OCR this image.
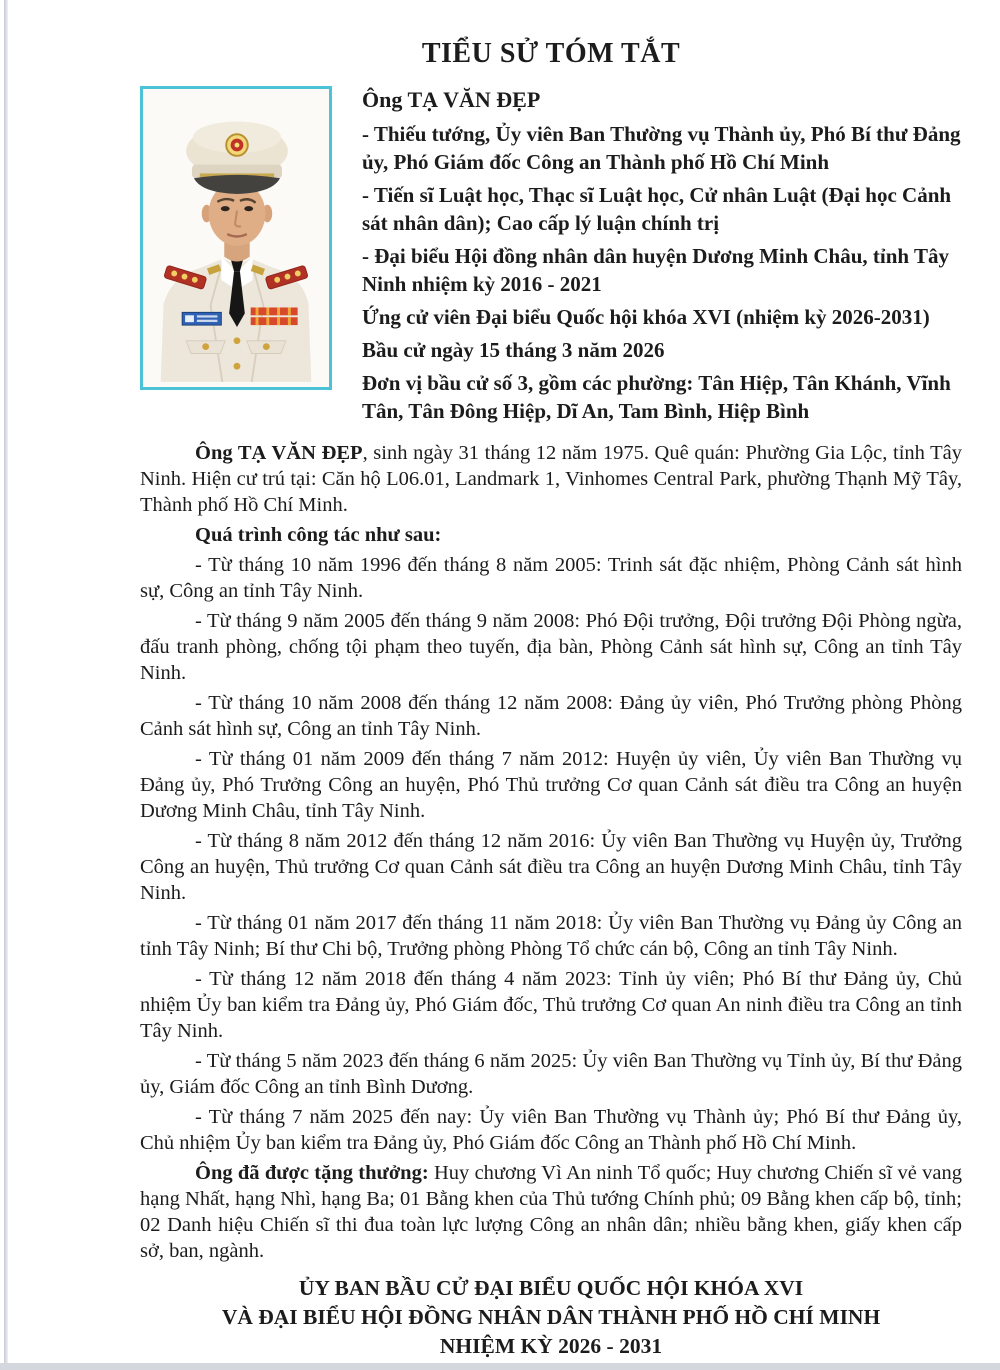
TIỂU SỬ TÓM TẮT

Ông TẠ VĂN ĐẸP

- Thiếu tướng, Ủy viên Ban Thường vụ Thành ủy, Phó Bí thư Đảng ủy, Phó Giám đốc Công an Thành phố Hồ Chí Minh

- Tiến sĩ Luật học, Thạc sĩ Luật học, Cử nhân Luật (Đại học Cảnh sát nhân dân); Cao cấp lý luận chính trị

- Đại biểu Hội đồng nhân dân huyện Dương Minh Châu, tỉnh Tây Ninh nhiệm kỳ 2016 - 2021

Ứng cử viên Đại biểu Quốc hội khóa XVI (nhiệm kỳ 2026-2031)

Bầu cử ngày 15 tháng 3 năm 2026

Đơn vị bầu cử số 3, gồm các phường: Tân Hiệp, Tân Khánh, Vĩnh Tân, Tân Đông Hiệp, Dĩ An, Tam Bình, Hiệp Bình

Ông TẠ VĂN ĐẸP, sinh ngày 31 tháng 12 năm 1975. Quê quán: Phường Gia Lộc, tỉnh Tây Ninh. Hiện cư trú tại: Căn hộ L06.01, Landmark 1, Vinhomes Central Park, phường Thạnh Mỹ Tây, Thành phố Hồ Chí Minh.

Quá trình công tác như sau:

- Từ tháng 10 năm 1996 đến tháng 8 năm 2005: Trinh sát đặc nhiệm, Phòng Cảnh sát hình sự, Công an tỉnh Tây Ninh.

- Từ tháng 9 năm 2005 đến tháng 9 năm 2008: Phó Đội trưởng, Đội trưởng Đội Phòng ngừa, đấu tranh phòng, chống tội phạm theo tuyến, địa bàn, Phòng Cảnh sát hình sự, Công an tỉnh Tây Ninh.

- Từ tháng 10 năm 2008 đến tháng 12 năm 2008: Đảng ủy viên, Phó Trưởng phòng Phòng Cảnh sát hình sự, Công an tỉnh Tây Ninh.

- Từ tháng 01 năm 2009 đến tháng 7 năm 2012: Huyện ủy viên, Ủy viên Ban Thường vụ Đảng ủy, Phó Trưởng Công an huyện, Phó Thủ trưởng Cơ quan Cảnh sát điều tra Công an huyện Dương Minh Châu, tỉnh Tây Ninh.

- Từ tháng 8 năm 2012 đến tháng 12 năm 2016: Ủy viên Ban Thường vụ Huyện ủy, Trưởng Công an huyện, Thủ trưởng Cơ quan Cảnh sát điều tra Công an huyện Dương Minh Châu, tỉnh Tây Ninh.

- Từ tháng 01 năm 2017 đến tháng 11 năm 2018: Ủy viên Ban Thường vụ Đảng ủy Công an tỉnh Tây Ninh; Bí thư Chi bộ, Trưởng phòng Phòng Tổ chức cán bộ, Công an tỉnh Tây Ninh.

- Từ tháng 12 năm 2018 đến tháng 4 năm 2023: Tỉnh ủy viên; Phó Bí thư Đảng ủy, Chủ nhiệm Ủy ban kiểm tra Đảng ủy, Phó Giám đốc, Thủ trưởng Cơ quan An ninh điều tra Công an tỉnh Tây Ninh.

- Từ tháng 5 năm 2023 đến tháng 6 năm 2025: Ủy viên Ban Thường vụ Tỉnh ủy, Bí thư Đảng ủy, Giám đốc Công an tỉnh Bình Dương.

- Từ tháng 7 năm 2025 đến nay: Ủy viên Ban Thường vụ Thành ủy; Phó Bí thư Đảng ủy, Chủ nhiệm Ủy ban kiểm tra Đảng ủy, Phó Giám đốc Công an Thành phố Hồ Chí Minh.

Ông đã được tặng thưởng: Huy chương Vì An ninh Tổ quốc; Huy chương Chiến sĩ vẻ vang hạng Nhất, hạng Nhì, hạng Ba; 01 Bằng khen của Thủ tướng Chính phủ; 09 Bằng khen cấp bộ, tỉnh; 02 Danh hiệu Chiến sĩ thi đua toàn lực lượng Công an nhân dân; nhiều bằng khen, giấy khen cấp sở, ban, ngành.

ỦY BAN BẦU CỬ ĐẠI BIỂU QUỐC HỘI KHÓA XVI
VÀ ĐẠI BIỂU HỘI ĐỒNG NHÂN DÂN THÀNH PHỐ HỒ CHÍ MINH
NHIỆM KỲ 2026 - 2031
